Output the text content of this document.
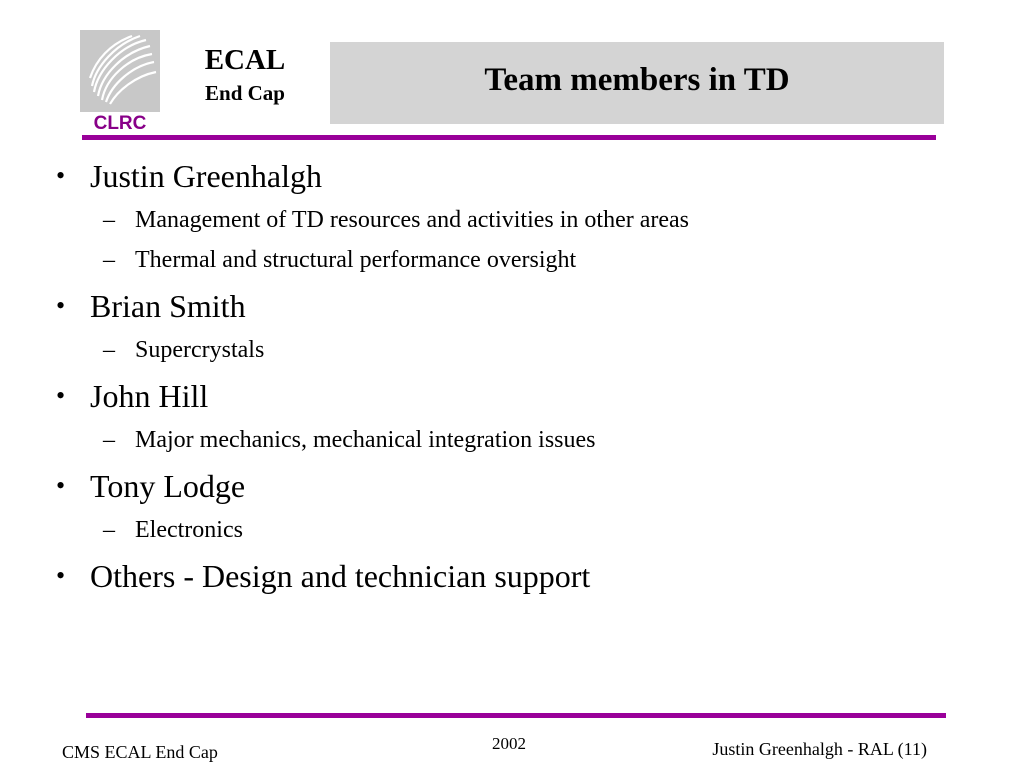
CLRC
ECAL
End Cap	Team members in TD
• Justin Greenhalgh
– Management of TD resources and activities in other areas
– Thermal and structural performance oversight
• Brian Smith
– Supercrystals
• John Hill
– Major mechanics, mechanical integration issues
• Tony Lodge
– Electronics
• Others - Design and technician support
CMS ECAL End Cap	2002	Justin Greenhalgh - RAL (11)
